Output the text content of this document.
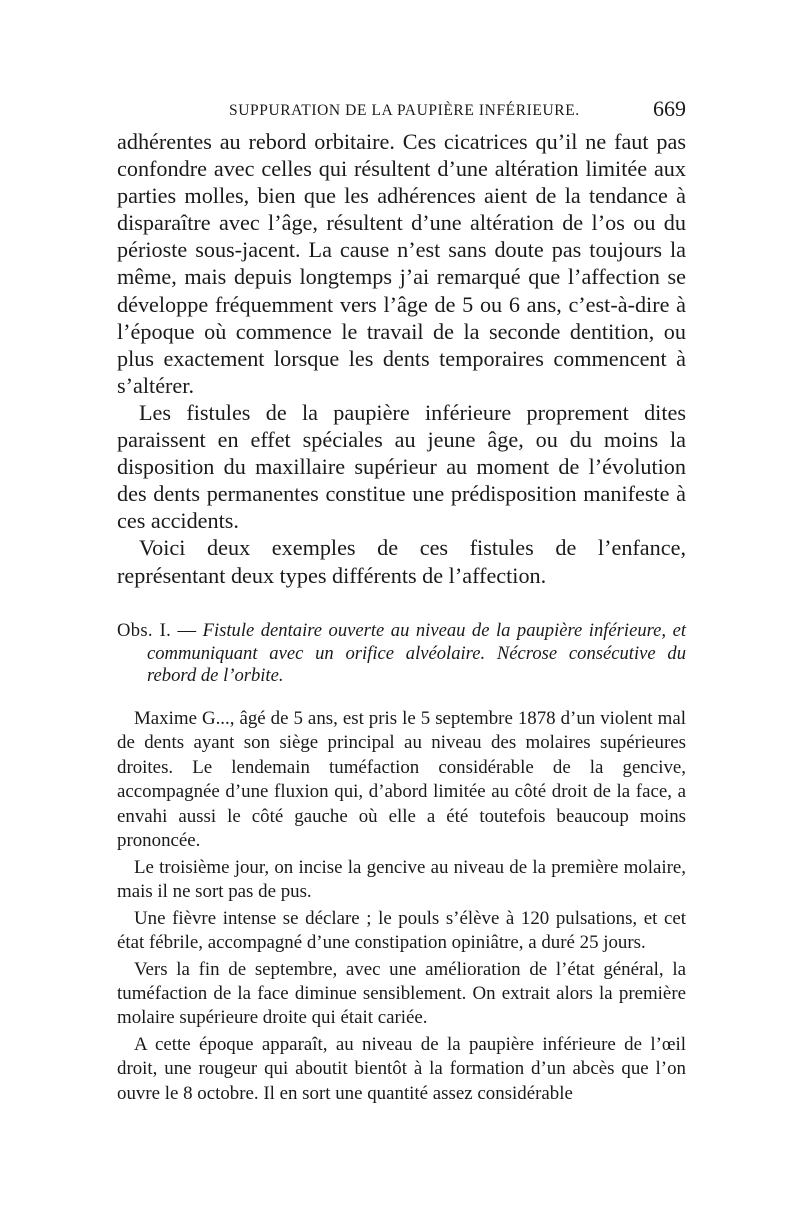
SUPPURATION DE LA PAUPIÈRE INFÉRIEURE.	669

adhérentes au rebord orbitaire. Ces cicatrices qu’il ne faut pas confondre avec celles qui résultent d’une altération limitée aux parties molles, bien que les adhérences aient de la tendance à disparaître avec l’âge, résultent d’une altération de l’os ou du périoste sous-jacent. La cause n’est sans doute pas toujours la même, mais depuis longtemps j’ai remarqué que l’affection se développe fréquemment vers l’âge de 5 ou 6 ans, c’est-à-dire à l’époque où commence le travail de la seconde dentition, ou plus exactement lorsque les dents temporaires commencent à s’altérer.

Les fistules de la paupière inférieure proprement dites paraissent en effet spéciales au jeune âge, ou du moins la disposition du maxillaire supérieur au moment de l’évolution des dents permanentes constitue une prédisposition manifeste à ces accidents.

Voici deux exemples de ces fistules de l’enfance, représentant deux types différents de l’affection.

Obs. I. — Fistule dentaire ouverte au niveau de la paupière inférieure, et communiquant avec un orifice alvéolaire. Nécrose consécutive du rebord de l’orbite.

Maxime G..., âgé de 5 ans, est pris le 5 septembre 1878 d’un violent mal de dents ayant son siège principal au niveau des molaires supérieures droites. Le lendemain tuméfaction considérable de la gencive, accompagnée d’une fluxion qui, d’abord limitée au côté droit de la face, a envahi aussi le côté gauche où elle a été toutefois beaucoup moins prononcée.

Le troisième jour, on incise la gencive au niveau de la première molaire, mais il ne sort pas de pus.

Une fièvre intense se déclare ; le pouls s’élève à 120 pulsations, et cet état fébrile, accompagné d’une constipation opiniâtre, a duré 25 jours.

Vers la fin de septembre, avec une amélioration de l’état général, la tuméfaction de la face diminue sensiblement. On extrait alors la première molaire supérieure droite qui était cariée.

A cette époque apparaît, au niveau de la paupière inférieure de l’œil droit, une rougeur qui aboutit bientôt à la formation d’un abcès que l’on ouvre le 8 octobre. Il en sort une quantité assez considérable
